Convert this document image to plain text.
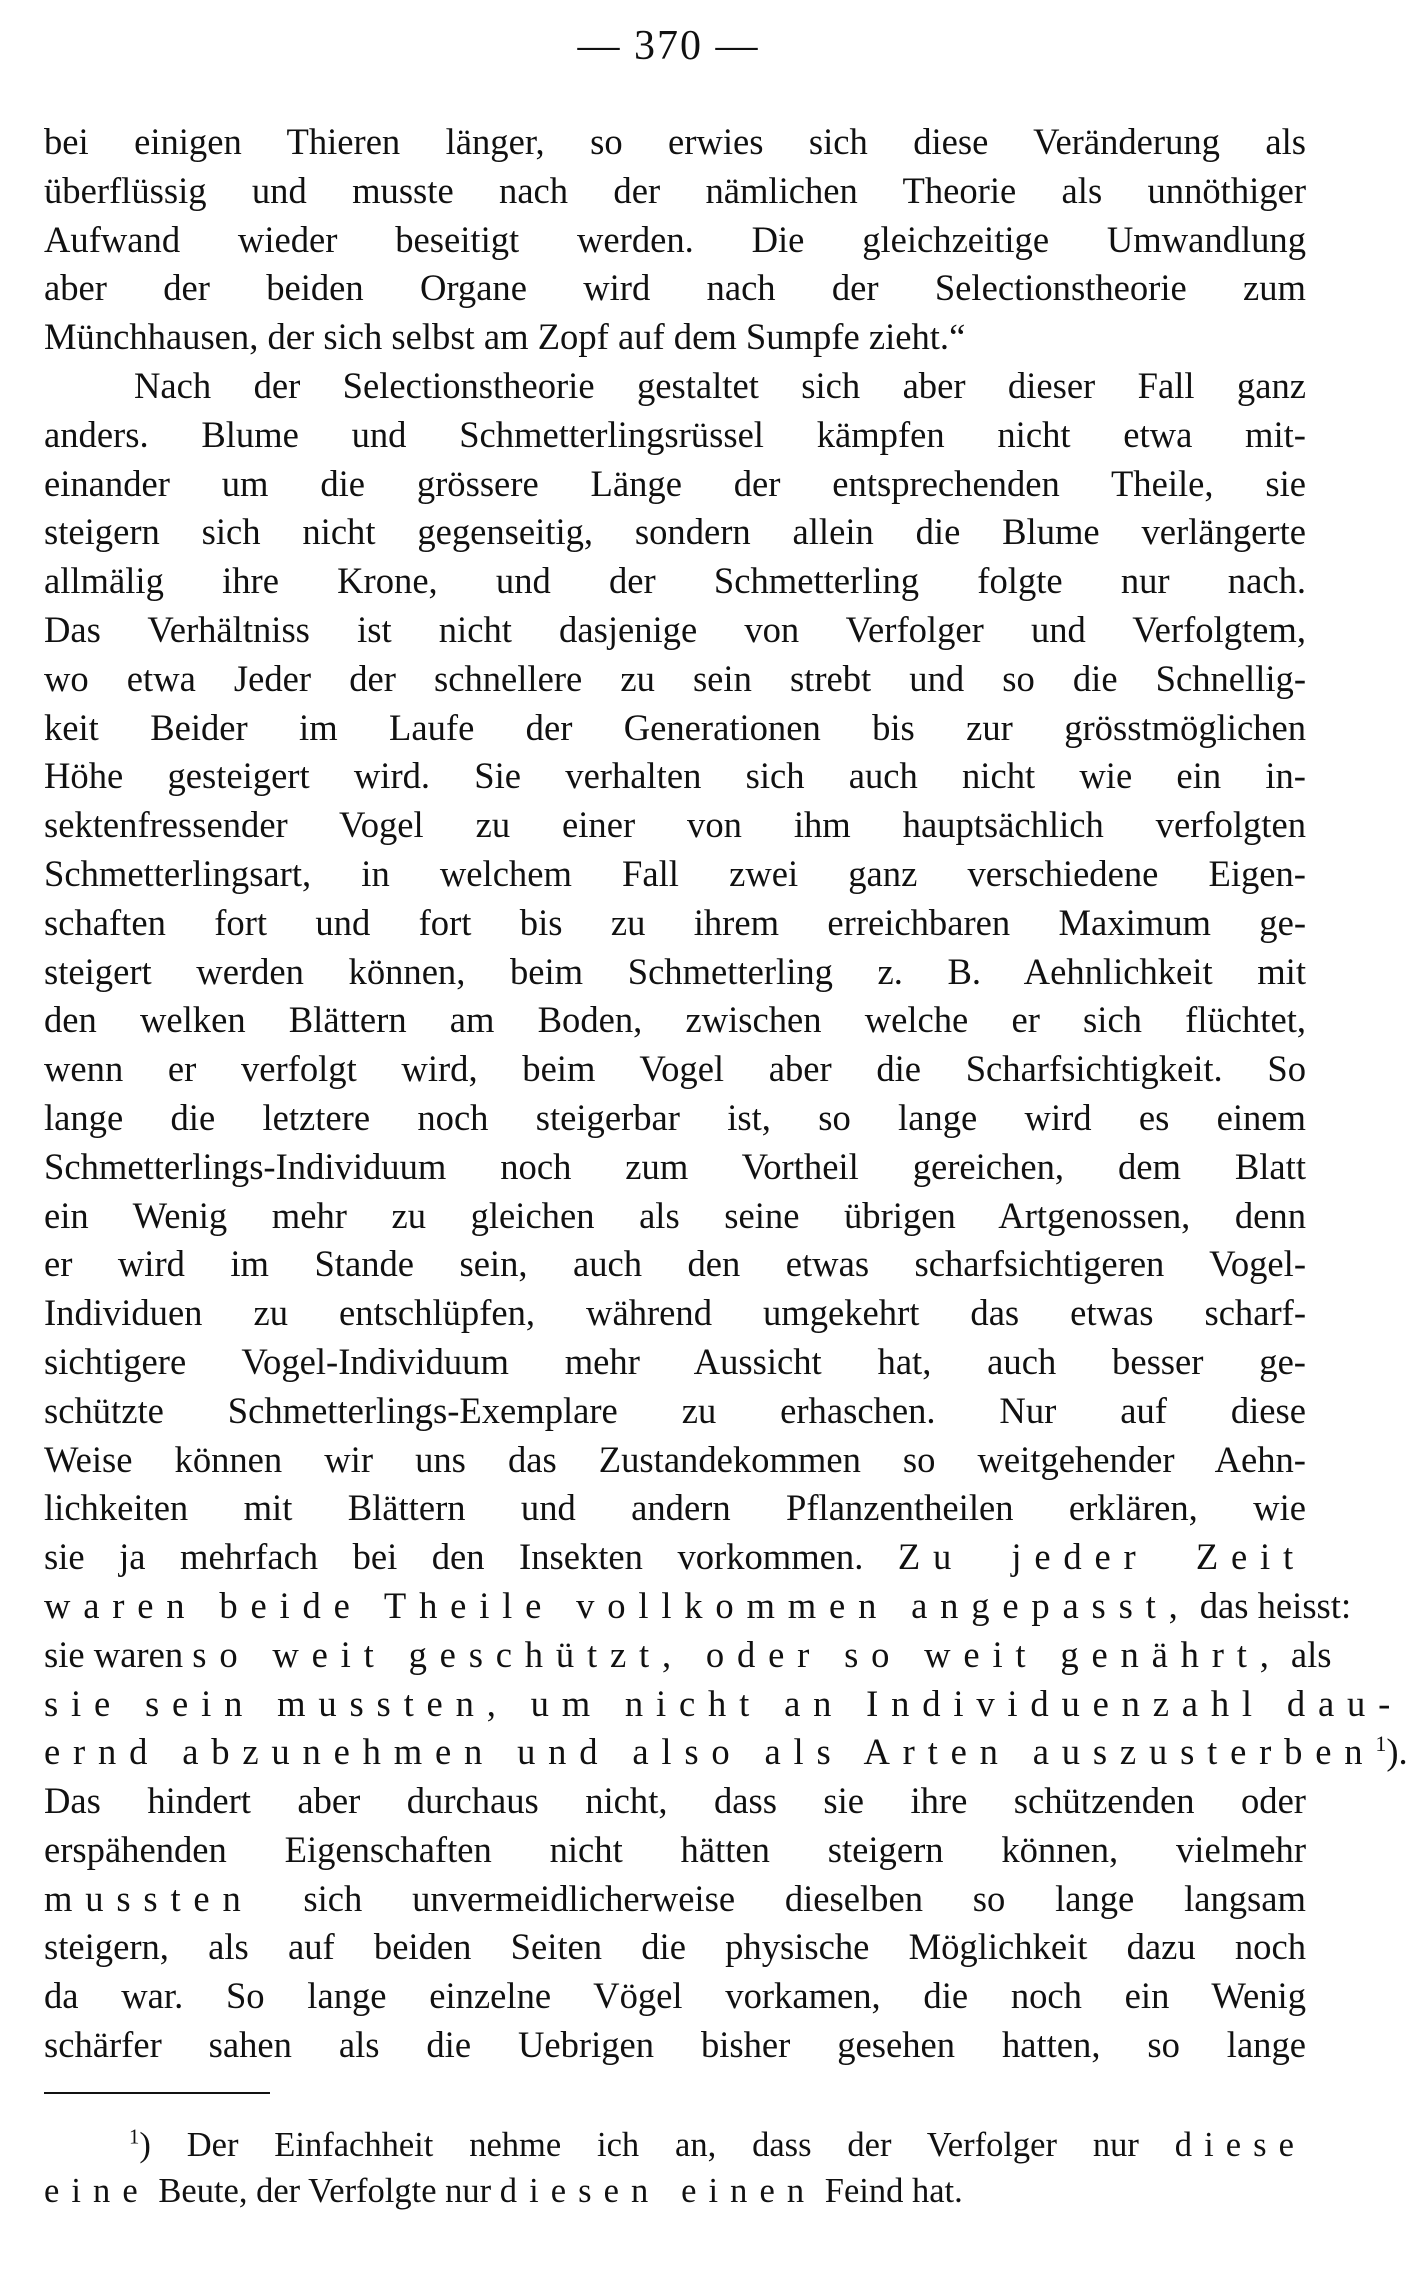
— 370 —
bei einigen Thieren länger, so erwies sich diese Veränderung als
überflüssig und musste nach der nämlichen Theorie als unnöthiger
Aufwand wieder beseitigt werden. Die gleichzeitige Umwandlung
aber der beiden Organe wird nach der Selectionstheorie zum
Münchhausen, der sich selbst am Zopf auf dem Sumpfe zieht.“
Nach der Selectionstheorie gestaltet sich aber dieser Fall ganz
anders. Blume und Schmetterlingsrüssel kämpfen nicht etwa mit-
einander um die grössere Länge der entsprechenden Theile, sie
steigern sich nicht gegenseitig, sondern allein die Blume verlängerte
allmälig ihre Krone, und der Schmetterling folgte nur nach.
Das Verhältniss ist nicht dasjenige von Verfolger und Verfolgtem,
wo etwa Jeder der schnellere zu sein strebt und so die Schnellig-
keit Beider im Laufe der Generationen bis zur grösstmöglichen
Höhe gesteigert wird. Sie verhalten sich auch nicht wie ein in-
sektenfressender Vogel zu einer von ihm hauptsächlich verfolgten
Schmetterlingsart, in welchem Fall zwei ganz verschiedene Eigen-
schaften fort und fort bis zu ihrem erreichbaren Maximum ge-
steigert werden können, beim Schmetterling z. B. Aehnlichkeit mit
den welken Blättern am Boden, zwischen welche er sich flüchtet,
wenn er verfolgt wird, beim Vogel aber die Scharfsichtigkeit. So
lange die letztere noch steigerbar ist, so lange wird es einem
Schmetterlings-Individuum noch zum Vortheil gereichen, dem Blatt
ein Wenig mehr zu gleichen als seine übrigen Artgenossen, denn
er wird im Stande sein, auch den etwas scharfsichtigeren Vogel-
Individuen zu entschlüpfen, während umgekehrt das etwas scharf-
sichtigere Vogel-Individuum mehr Aussicht hat, auch besser ge-
schützte Schmetterlings-Exemplare zu erhaschen. Nur auf diese
Weise können wir uns das Zustandekommen so weitgehender Aehn-
lichkeiten mit Blättern und andern Pflanzentheilen erklären, wie
sie ja mehrfach bei den Insekten vorkommen. Zu jeder Zeit
waren beide Theile vollkommen angepasst, das heisst:
sie waren so weit geschützt, oder so weit genährt, als
sie sein mussten, um nicht an Individuenzahl dau-
ernd abzunehmen und also als Arten auszusterben$^1$).
Das hindert aber durchaus nicht, dass sie ihre schützenden oder
erspähenden Eigenschaften nicht hätten steigern können, vielmehr
mussten sich unvermeidlicherweise dieselben so lange langsam
steigern, als auf beiden Seiten die physische Möglichkeit dazu noch
da war. So lange einzelne Vögel vorkamen, die noch ein Wenig
schärfer sahen als die Uebrigen bisher gesehen hatten, so lange
$^1$) Der Einfachheit nehme ich an, dass der Verfolger nur diese
eine Beute, der Verfolgte nur diesen einen Feind hat.
